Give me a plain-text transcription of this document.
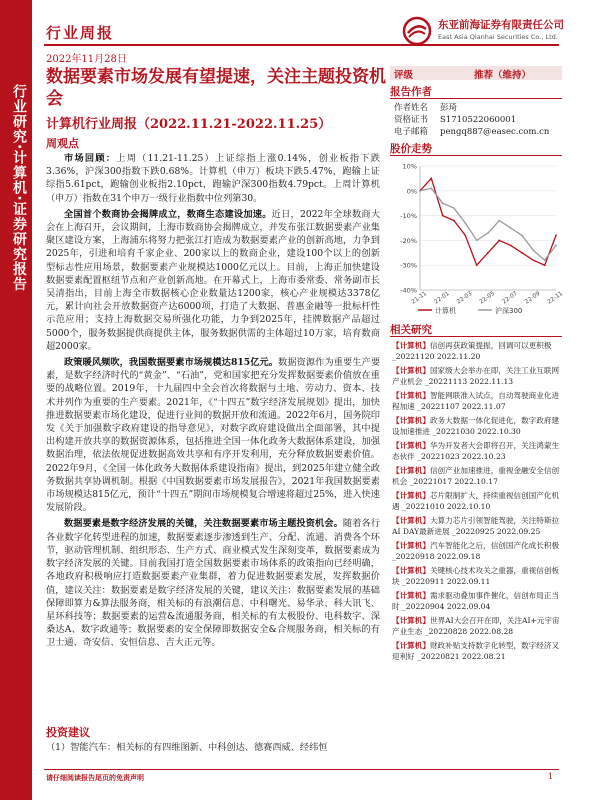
行业研究·计算机·证券研究报告
行业周报
2022年11月28日
东亚前海证券有限责任公司
East Asia Qianhai Securities Co., Ltd.
数据要素市场发展有望提速，关注主题投资机会
计算机行业周报（2022.11.21-2022.11.25）
周观点

市场回顾：上周（11.21-11.25）上证综指上涨0.14%，创业板指下跌3.36%，沪深300指数下跌0.68%。计算机（申万）板块下跌5.47%，跑输上证综指5.61pct，跑输创业板指2.10pct，跑输沪深300指数4.79pct。上周计算机（申万）指数在31个申万一级行业指数中位列第30。

全国首个数商协会揭牌成立，数商生态建设加速。近日，2022年全球数商大会在上海召开，会议期间，上海市数商协会揭牌成立，并发布张江数据要素产业集聚区建设方案，上海浦东将努力把张江打造成为数据要素产业的创新高地，力争到2025年，引进和培育千家企业、200家以上的数商企业，建设100个以上的创新型标志性应用场景，数据要素产业规模达1000亿元以上。目前，上海正加快建设数据要素配置枢纽节点和产业创新高地。在开幕式上，上海市委常委、常务副市长吴清指出，目前上海全市数据核心企业数量达1200家，核心产业规模达3378亿元，累计向社会开放数据资产达6000项，打造了大数据、普惠金融等一批标杆性示范应用；支持上海数据交易所强化功能，力争到2025年，挂牌数据产品超过5000个，服务数据提供商提供主体，服务数据供需的主体超过10万家，培育数商超2000家。

政策暖风频吹，我国数据要素市场规模达815亿元。数据资源作为重要生产要素，是数字经济时代的“黄金”、“石油”，党和国家把充分发挥数据要素价值放在重要的战略位置。2019年，十九届四中全会首次将数据与土地、劳动力、资本、技术并列作为重要的生产要素。2021年，《“十四五”数字经济发展规划》提出，加快推进数据要素市场化建设，促进行业间的数据开放和流通。2022年6月，国务院印发《关于加强数字政府建设的指导意见》，对数字政府建设做出全面部署，其中提出构建开放共享的数据资源体系，包括推进全国一体化政务大数据体系建设，加强数据治理，依法依规促进数据高效共享和有序开发利用，充分释放数据要素价值。2022年9月，《全国一体化政务大数据体系建设指南》提出，到2025年建立健全政务数据共享协调机制。根据《中国数据要素市场发展报告》，2021年我国数据要素市场规模达815亿元，预计“十四五”期间市场规模复合增速将超过25%，进入快速发展阶段。

数据要素是数字经济发展的关键，关注数据要素市场主题投资机会。随着各行各业数字化转型进程的加速，数据要素逐步渗透到生产、分配、流通、消费各个环节，驱动管理机制、组织形态、生产方式、商业模式发生深刻变革，数据要素成为数字经济发展的关键。目前我国打造全国数据要素市场体系的政策指向已经明确，各地政府积极响应打造数据要素产业集群，着力促进数据要素发展，发挥数据价值，建议关注：数据要素是数字经济发展的关键，建议关注：数据要素发展的基础保障即算力&算法服务商，相关标的有浪潮信息、中科曙光、易华录、科大讯飞、星环科技等；数据要素的运营&流通服务商，相关标的有太极股份、电科数字、深桑达A、数字政通等；数据要素的安全保障即数据安全&合规服务商，相关标的有卫士通、奇安信、安恒信息、吉大正元等。

投资建议

（1）智能汽车：相关标的有四维图新、中科创达、德赛西威、经纬恒

评级	推荐（维持）
报告作者
作者姓名 彭琦
资格证书 S1710522060001
电子邮箱 pengq887@easec.com.cn
股价走势
10%
0%
-10%
-20%
-30%
-40%
21-11 22-01 22-03 22-05 22-07 22-09 22-11
计算机	沪深300
相关研究
【计算机】信创再获政策提振，回调可以更积极 _20221120 2022.11.20
【计算机】国家级大会举办在即，关注工业互联网产业机会 _20221113 2022.11.13
【计算机】智能网联准入试点，自动驾驶商业化进程加速 _20221107 2022.11.07
【计算机】政务大数据一体化促进化，数字政府建设加速推进 _20221030 2022.10.30
【计算机】华为开发者大会即将召开，关注鸿蒙生态伙伴 _20221023 2022.10.23
【计算机】信创产业加速推进，重视金融安全信创机会 _20221017 2022.10.17
【计算机】芯片限制扩大，持续重视信创国产化机遇 _20221010 2022.10.10
【计算机】大算力芯片引领智能驾驶，关注特斯拉AI DAY最新进展 _20220925 2022.09.25
【计算机】汽车智能化之后，信创国产化成长积极 _20220918 2022.09.18
【计算机】关键核心技术攻关之重器，重视信创板块 _20220911 2022.09.11
【计算机】需求驱动叠加事件催化，信创布局正当时 _20220904 2022.09.04
【计算机】世界AI大会召开在即，关注AI+元宇宙产业生态 _20220828 2022.08.28
【计算机】财政补贴支持数字化转型，数字经济又迎利好 _20220821 2022.08.21
请仔细阅读报告尾页的免责声明	1
